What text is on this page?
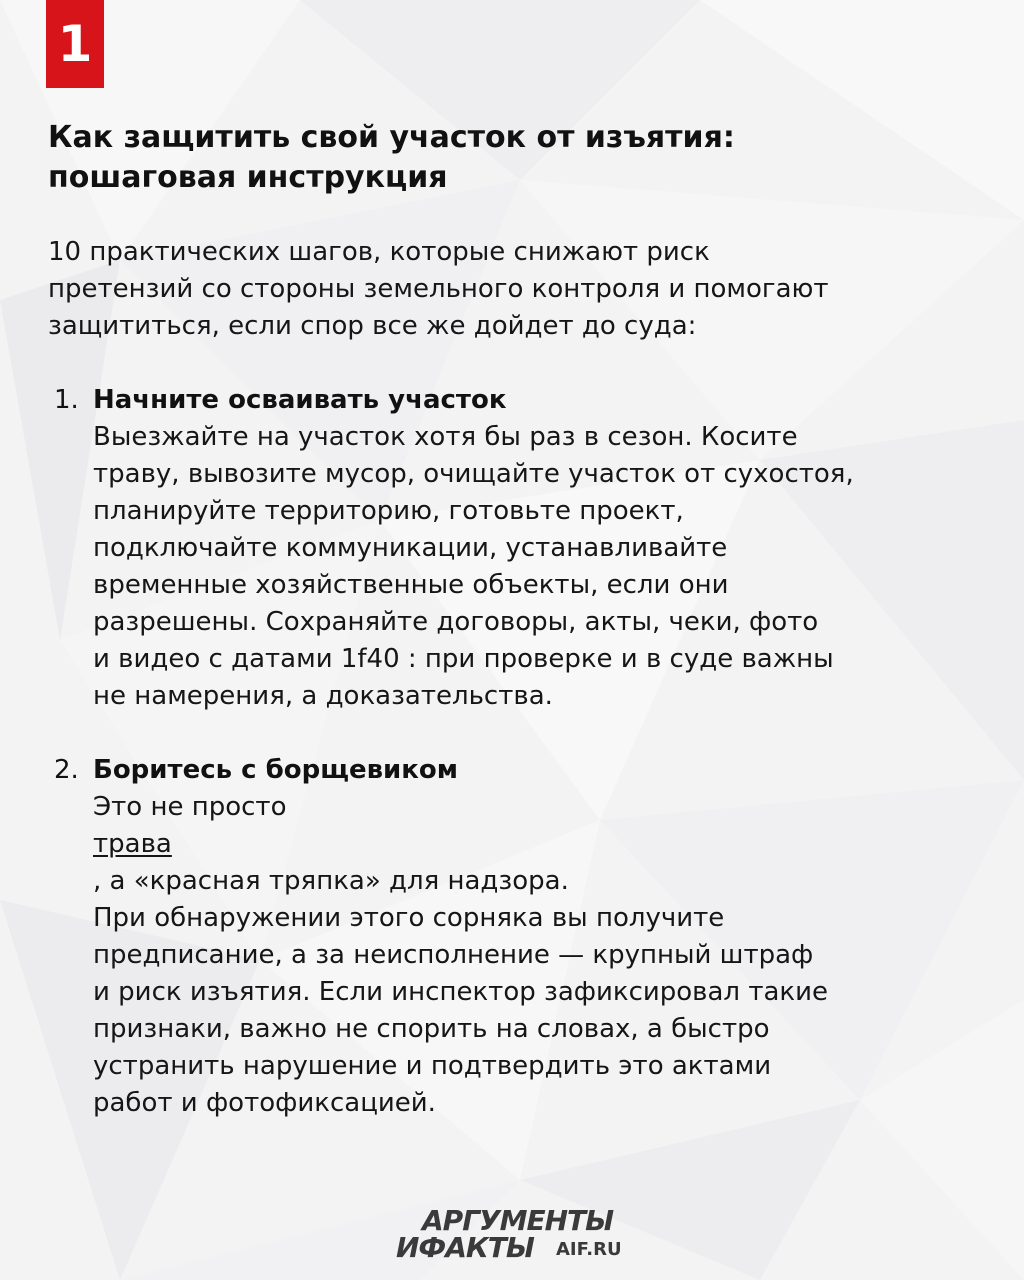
1
Как защитить свой участок от изъятия:
пошаговая инструкция

10 практических шагов, которые снижают риск
претензий со стороны земельного контроля и помогают
защититься, если спор все же дойдет до суда:

1. Начните осваивать участок
Выезжайте на участок хотя бы раз в сезон. Косите
траву, вывозите мусор, очищайте участок от сухостоя,
планируйте территорию, готовьте проект,
подключайте коммуникации, устанавливайте
временные хозяйственные объекты, если они
разрешены. Сохраняйте договоры, акты, чеки, фото
и видео с датами 1f40 : при проверке и в суде важны
не намерения, а доказательства.
2. Боритесь с борщевиком
Это не просто
трава
, а «красная тряпка» для надзора.
При обнаружении этого сорняка вы получите
предписание, а за неисполнение — крупный штраф
и риск изъятия. Если инспектор зафиксировал такие
признаки, важно не спорить на словах, а быстро
устранить нарушение и подтвердить это актами
работ и фотофиксацией.
АРГУМЕНТЫ
ИФАКТЫ AIF.RU
